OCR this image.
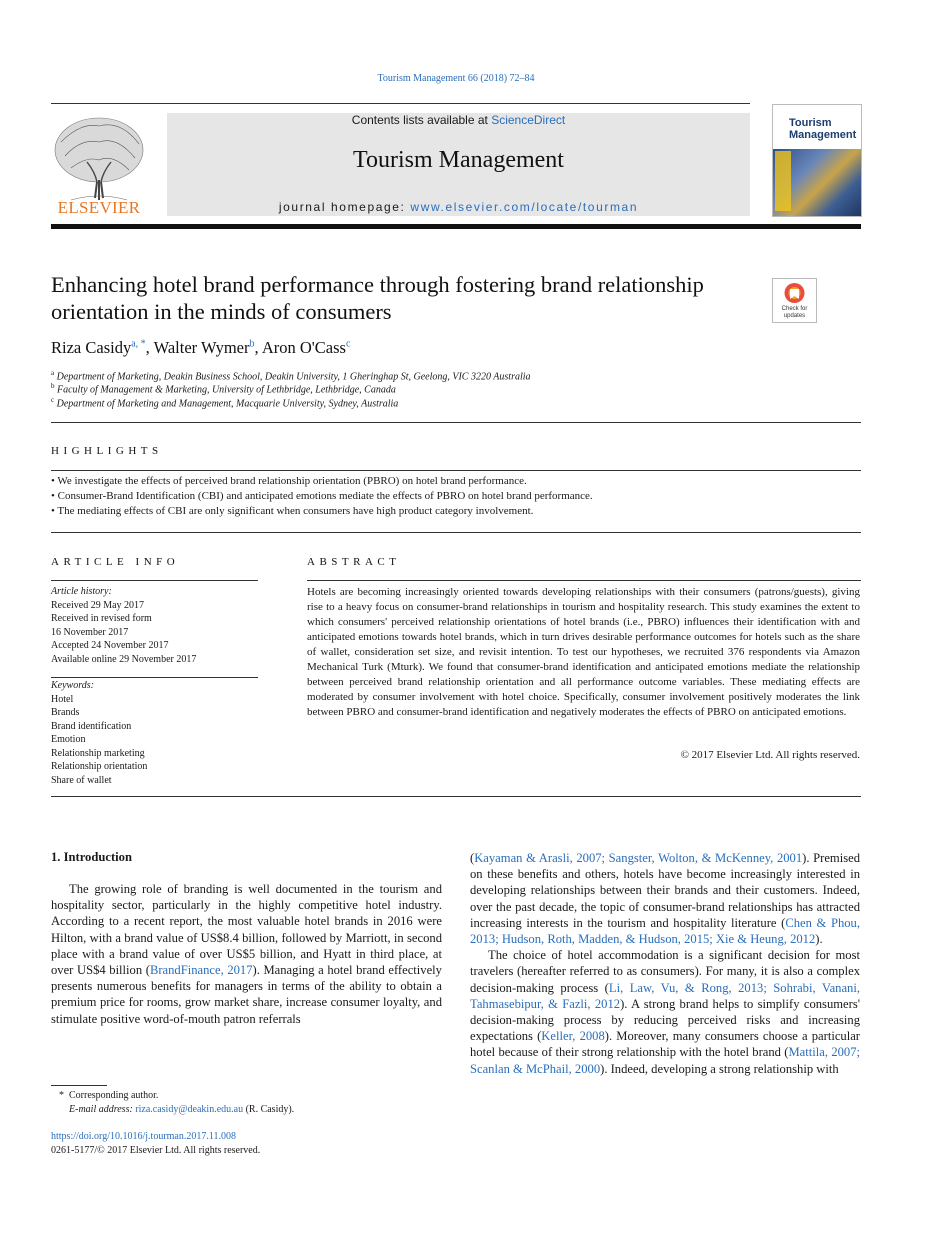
Tourism Management 66 (2018) 72–84
ELSEVIER
Contents lists available at ScienceDirect
Tourism Management
journal homepage: www.elsevier.com/locate/tourman
Tourism Management
Enhancing hotel brand performance through fostering brand relationship orientation in the minds of consumers	Check for updates
Riza Casidy$^{a, *}$, Walter Wymer$^b$, Aron O'Cass$^c$
$^a$ Department of Marketing, Deakin Business School, Deakin University, 1 Gheringhap St, Geelong, VIC 3220 Australia
$^b$ Faculty of Management & Marketing, University of Lethbridge, Lethbridge, Canada
$^c$ Department of Marketing and Management, Macquarie University, Sydney, Australia
HIGHLIGHTS
• We investigate the effects of perceived brand relationship orientation (PBRO) on hotel brand performance.
• Consumer-Brand Identification (CBI) and anticipated emotions mediate the effects of PBRO on hotel brand performance.
• The mediating effects of CBI are only significant when consumers have high product category involvement.
ARTICLE INFO
Article history:
Received 29 May 2017
Received in revised form
16 November 2017
Accepted 24 November 2017
Available online 29 November 2017
Keywords:
Hotel
Brands
Brand identification
Emotion
Relationship marketing
Relationship orientation
Share of wallet
ABSTRACT
Hotels are becoming increasingly oriented towards developing relationships with their consumers (patrons/guests), giving rise to a heavy focus on consumer-brand relationships in tourism and hospitality research. This study examines the extent to which consumers' perceived relationship orientations of hotel brands (i.e., PBRO) influences their identification with and anticipated emotions towards hotel brands, which in turn drives desirable performance outcomes for hotels such as the share of wallet, consideration set size, and revisit intention. To test our hypotheses, we recruited 376 respondents via Amazon Mechanical Turk (Mturk). We found that consumer-brand identification and anticipated emotions mediate the relationship between perceived brand relationship orientation and all performance outcome variables. These mediating effects are moderated by consumer involvement with hotel choice. Specifically, consumer involvement positively moderates the link between PBRO and consumer-brand identification and negatively moderates the effects of PBRO on anticipated emotions.
© 2017 Elsevier Ltd. All rights reserved.
1. Introduction
The growing role of branding is well documented in the tourism and hospitality sector, particularly in the highly competitive hotel industry. According to a recent report, the most valuable hotel brands in 2016 were Hilton, with a brand value of US$8.4 billion, followed by Marriott, in second place with a brand value of over US$5 billion, and Hyatt in third place, at over US$4 billion (BrandFinance, 2017). Managing a hotel brand effectively presents numerous benefits for managers in terms of the ability to obtain a premium price for rooms, grow market share, increase consumer loyalty, and stimulate positive word-of-mouth patron referrals

(Kayaman & Arasli, 2007; Sangster, Wolton, & McKenney, 2001). Premised on these benefits and others, hotels have become increasingly interested in developing relationships between their brands and their customers. Indeed, over the past decade, the topic of consumer-brand relationships has attracted increasing interests in the tourism and hospitality literature (Chen & Phou, 2013; Hudson, Roth, Madden, & Hudson, 2015; Xie & Heung, 2012).

The choice of hotel accommodation is a significant decision for most travelers (hereafter referred to as consumers). For many, it is also a complex decision-making process (Li, Law, Vu, & Rong, 2013; Sohrabi, Vanani, Tahmasebipur, & Fazli, 2012). A strong brand helps to simplify consumers' decision-making process by reducing perceived risks and increasing expectations (Keller, 2008). Moreover, many consumers choose a particular hotel because of their strong relationship with the hotel brand (Mattila, 2007; Scanlan & McPhail, 2000). Indeed, developing a strong relationship with

* Corresponding author.
E-mail address: riza.casidy@deakin.edu.au (R. Casidy).
https://doi.org/10.1016/j.tourman.2017.11.008
0261-5177/© 2017 Elsevier Ltd. All rights reserved.
